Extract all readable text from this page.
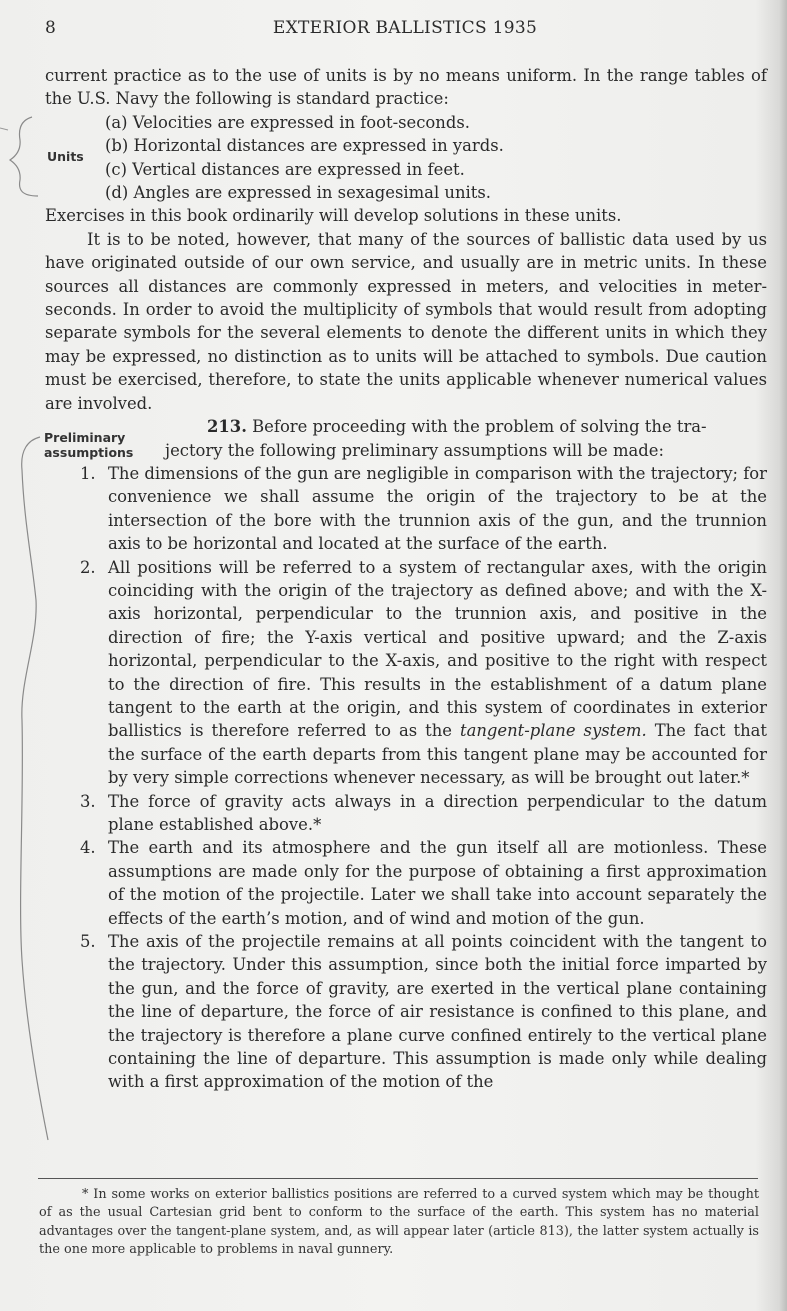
8	EXTERIOR BALLISTICS 1935
Units
Preliminary
assumptions

current practice as to the use of units is by no means uniform. In the range tables of the U.S. Navy the following is standard practice:

(a) Velocities are expressed in foot-seconds.
(b) Horizontal distances are expressed in yards.
(c) Vertical distances are expressed in feet.
(d) Angles are expressed in sexagesimal units.

Exercises in this book ordinarily will develop solutions in these units.

It is to be noted, however, that many of the sources of ballistic data used by us have originated outside of our own service, and usually are in metric units. In these sources all distances are commonly expressed in meters, and velocities in meter-seconds. In order to avoid the multiplicity of symbols that would result from adopting separate symbols for the several elements to denote the different units in which they may be expressed, no distinction as to units will be attached to symbols. Due caution must be exercised, therefore, to state the units applicable whenever numerical values are involved.

213. Before proceeding with the problem of solving the tra-

jectory the following preliminary assumptions will be made:

1. The dimensions of the gun are negligible in comparison with the trajectory; for convenience we shall assume the origin of the trajectory to be at the intersection of the bore with the trunnion axis of the gun, and the trunnion axis to be horizontal and located at the surface of the earth.
2. All positions will be referred to a system of rectangular axes, with the origin coinciding with the origin of the trajectory as defined above; and with the X-axis horizontal, perpendicular to the trunnion axis, and positive in the direction of fire; the Y-axis vertical and positive upward; and the Z-axis horizontal, perpendicular to the X-axis, and positive to the right with respect to the direction of fire. This results in the establishment of a datum plane tangent to the earth at the origin, and this system of coordinates in exterior ballistics is therefore referred to as the tangent-plane system. The fact that the surface of the earth departs from this tangent plane may be accounted for by very simple corrections whenever necessary, as will be brought out later.*
3. The force of gravity acts always in a direction perpendicular to the datum plane established above.*
4. The earth and its atmosphere and the gun itself all are motionless. These assumptions are made only for the purpose of obtaining a first approximation of the motion of the projectile. Later we shall take into account separately the effects of the earth’s motion, and of wind and motion of the gun.
5. The axis of the projectile remains at all points coincident with the tangent to the trajectory. Under this assumption, since both the initial force imparted by the gun, and the force of gravity, are exerted in the vertical plane containing the line of departure, the force of air resistance is confined to this plane, and the trajectory is therefore a plane curve confined entirely to the vertical plane containing the line of departure. This assumption is made only while dealing with a first approximation of the motion of the

* In some works on exterior ballistics positions are referred to a curved system which may be thought of as the usual Cartesian grid bent to conform to the surface of the earth. This system has no material advantages over the tangent-plane system, and, as will appear later (article 813), the latter system actually is the one more applicable to problems in naval gunnery.
